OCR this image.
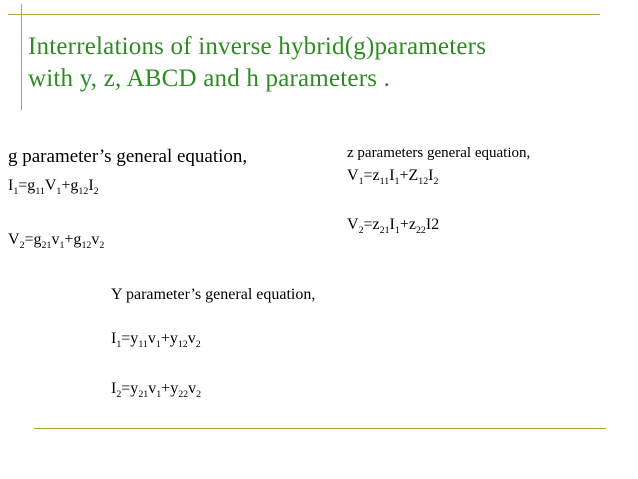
Interrelations of inverse hybrid(g)parameters
with y, z, ABCD and h parameters .
g parameter’s general equation,
$I_1=g_{11}V_1+g_{12}I_2$
$V_2=g_{21}v_1+g_{12}v_2$
z parameters general equation,
$V_1=z_{11}I_1+Z_{12}I_2$
$V_2=z_{21}I_1+z_{22}I2$
Y parameter’s general equation,
$I_1=y_{11}v_1+y_{12}v_2$
$I_2=y_{21}v_1+y_{22}v_2$
